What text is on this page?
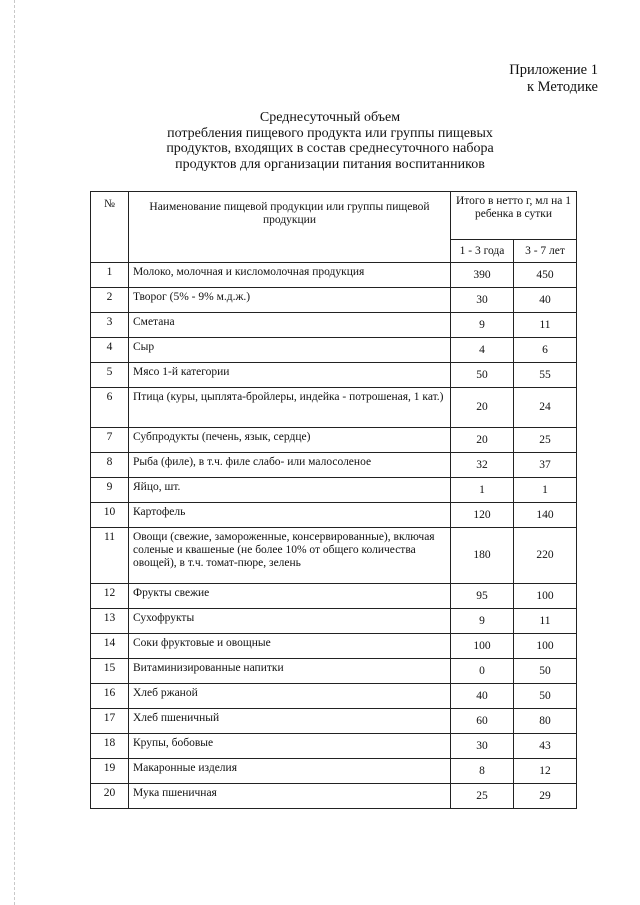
Приложение 1
к Методике
Среднесуточный объем
потребления пищевого продукта или группы пищевых
продуктов, входящих в состав среднесуточного набора
продуктов для организации питания воспитанников
№	Наименование пищевой продукции или группы пищевой продукции	Итого в нетто г, мл на 1 ребенка в сутки	
		1 - 3 года	3 - 7 лет
1	Молоко, молочная и кисломолочная продукция	390	450
2	Творог (5% - 9% м.д.ж.)	30	40
3	Сметана	9	11
4	Сыр	4	6
5	Мясо 1-й категории	50	55
6	Птица (куры, цыплята-бройлеры, индейка - потрошеная, 1 кат.)	20	24
7	Субпродукты (печень, язык, сердце)	20	25
8	Рыба (филе), в т.ч. филе слабо- или малосоленое	32	37
9	Яйцо, шт.	1	1
10	Картофель	120	140
11	Овощи (свежие, замороженные, консервированные), включая соленые и квашеные (не более 10% от общего количества овощей), в т.ч. томат-пюре, зелень	180	220
12	Фрукты свежие	95	100
13	Сухофрукты	9	11
14	Соки фруктовые и овощные	100	100
15	Витаминизированные напитки	0	50
16	Хлеб ржаной	40	50
17	Хлеб пшеничный	60	80
18	Крупы, бобовые	30	43
19	Макаронные изделия	8	12
20	Мука пшеничная	25	29
